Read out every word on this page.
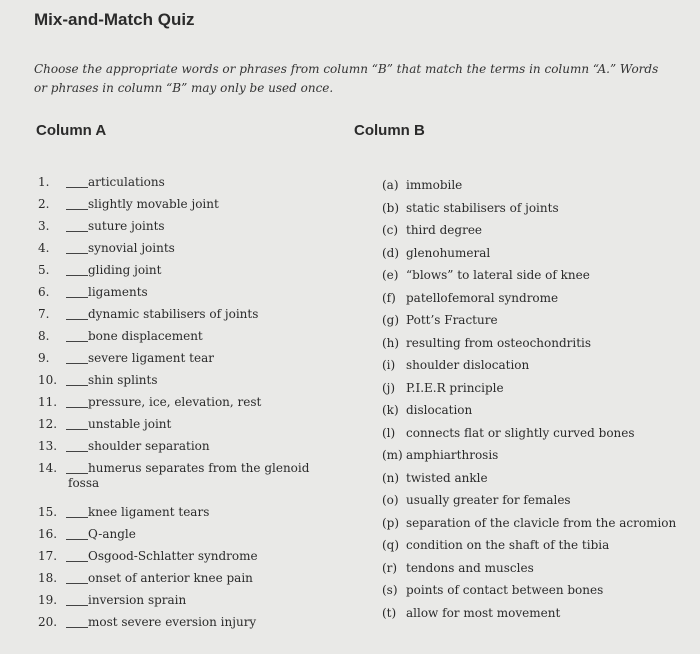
Mix-and-Match Quiz
Choose the appropriate words or phrases from column “B” that match the terms in column “A.” Words or phrases in column “B” may only be used once.
Column A	Column B
1.	articulations
2.	slightly movable joint
3.	suture joints
4.	synovial joints
5.	gliding joint
6.	ligaments
7.	dynamic stabilisers of joints
8.	bone displacement
9.	severe ligament tear
10.	shin splints
11.	pressure, ice, elevation, rest
12.	unstable joint
13.	shoulder separation
14.	humerus separates from the glenoid fossa
15.	knee ligament tears
16.	Q-angle
17.	Osgood-Schlatter syndrome
18.	onset of anterior knee pain
19.	inversion sprain
20.	most severe eversion injury
(a) immobile
(b) static stabilisers of joints
(c) third degree
(d) glenohumeral
(e) “blows” to lateral side of knee
(f) patellofemoral syndrome
(g) Pott’s Fracture
(h) resulting from osteochondritis
(i) shoulder dislocation
(j) P.I.E.R principle
(k) dislocation
(l) connects flat or slightly curved bones
(m) amphiarthrosis
(n) twisted ankle
(o) usually greater for females
(p) separation of the clavicle from the acromion
(q) condition on the shaft of the tibia
(r) tendons and muscles
(s) points of contact between bones
(t) allow for most movement
